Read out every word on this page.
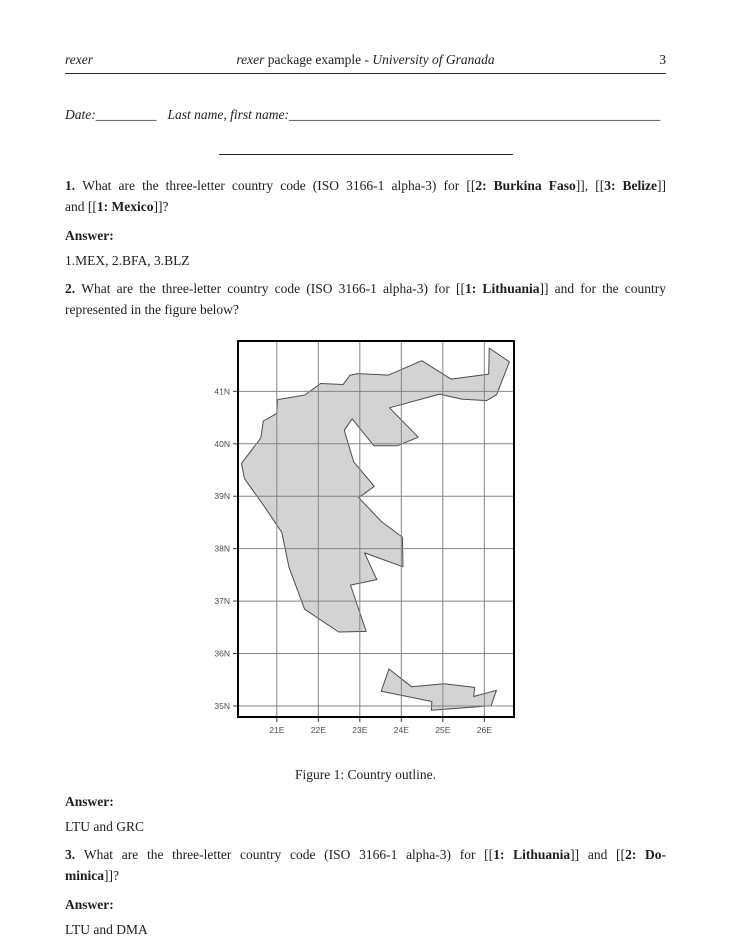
rexer	rexer package example - University of Granada	3
Date:_________ Last name, first name:_______________________________________________________
1. What are the three-letter country code (ISO 3166-1 alpha-3) for [[2: Burkina Faso]], [[3: Belize]]
and [[1: Mexico]]?
Answer:
1.MEX, 2.BFA, 3.BLZ
2. What are the three-letter country code (ISO 3166-1 alpha-3) for [[1: Lithuania]] and for the country
represented in the figure below?
21E	22E	23E	24E	25E	26E
41N
40N
39N
38N
37N
36N
35N
Figure 1: Country outline.
Answer:
LTU and GRC
3. What are the three-letter country code (ISO 3166-1 alpha-3) for [[1: Lithuania]] and [[2: Do-
minica]]?
Answer:
LTU and DMA
